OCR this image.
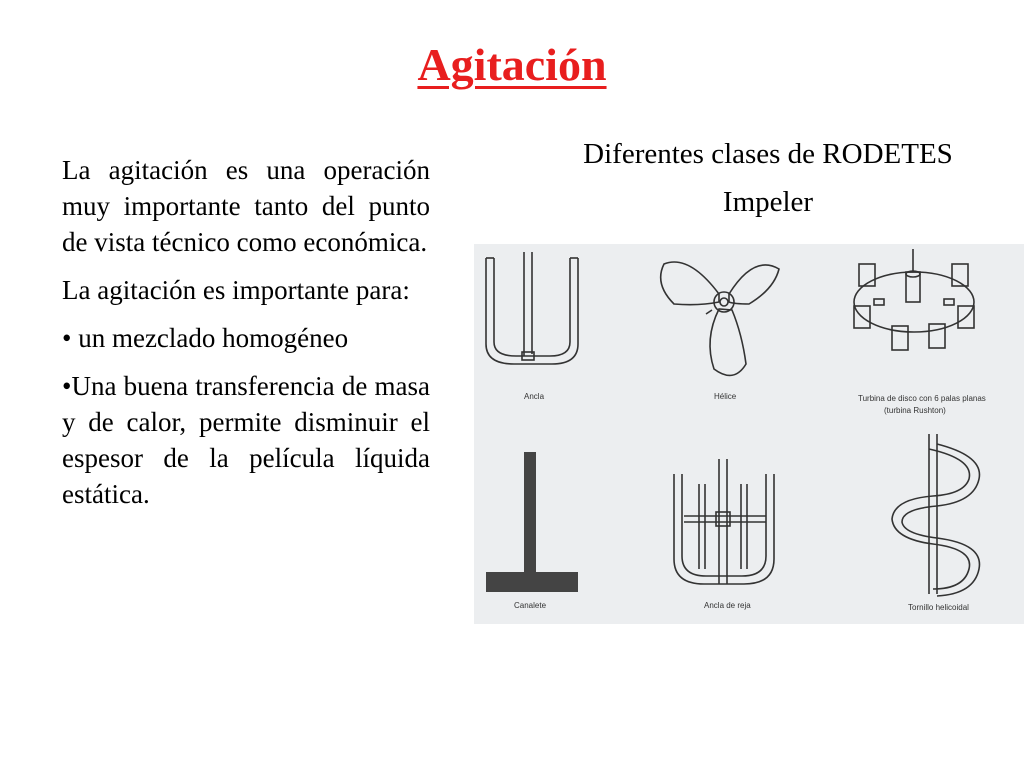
Agitación

La agitación es una operación muy importante tanto del punto de vista técnico como económica.

La agitación es importante para:

• un mezclado homogéneo

•Una buena transferencia de masa y de calor, permite disminuir el espesor de la película líquida estática.

Diferentes clases de RODETES
Impeler
Ancla	Hélice	Turbina de disco con 6 palas planas
(turbina Rushton)
Canalete	Ancla de reja	Tornillo helicoidal
